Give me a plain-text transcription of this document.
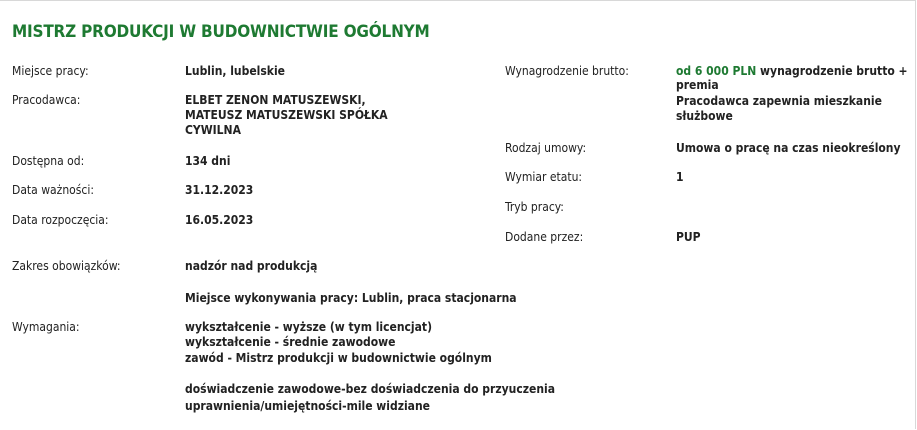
MISTRZ PRODUKCJI W BUDOWNICTWIE OGÓLNYM
Miejsce pracy:	Lublin, lubelskie
Pracodawca:	ELBET ZENON MATUSZEWSKI,
MATEUSZ MATUSZEWSKI SPÓŁKA
CYWILNA
Dostępna od:	134 dni
Data ważności:	31.12.2023
Data rozpoczęcia:	16.05.2023
Wynagrodzenie brutto:	od 6 000 PLN wynagrodzenie brutto +
premia
Pracodawca zapewnia mieszkanie
służbowe
Rodzaj umowy:	Umowa o pracę na czas nieokreślony
Wymiar etatu:	1
Tryb pracy:
Dodane przez:	PUP
Zakres obowiązków:	nadzór nad produkcją
Miejsce wykonywania pracy: Lublin, praca stacjonarna
Wymagania:	wykształcenie - wyższe (w tym licencjat)
wykształcenie - średnie zawodowe
zawód - Mistrz produkcji w budownictwie ogólnym
doświadczenie zawodowe-bez doświadczenia do przyuczenia
uprawnienia/umiejętności-mile widziane
